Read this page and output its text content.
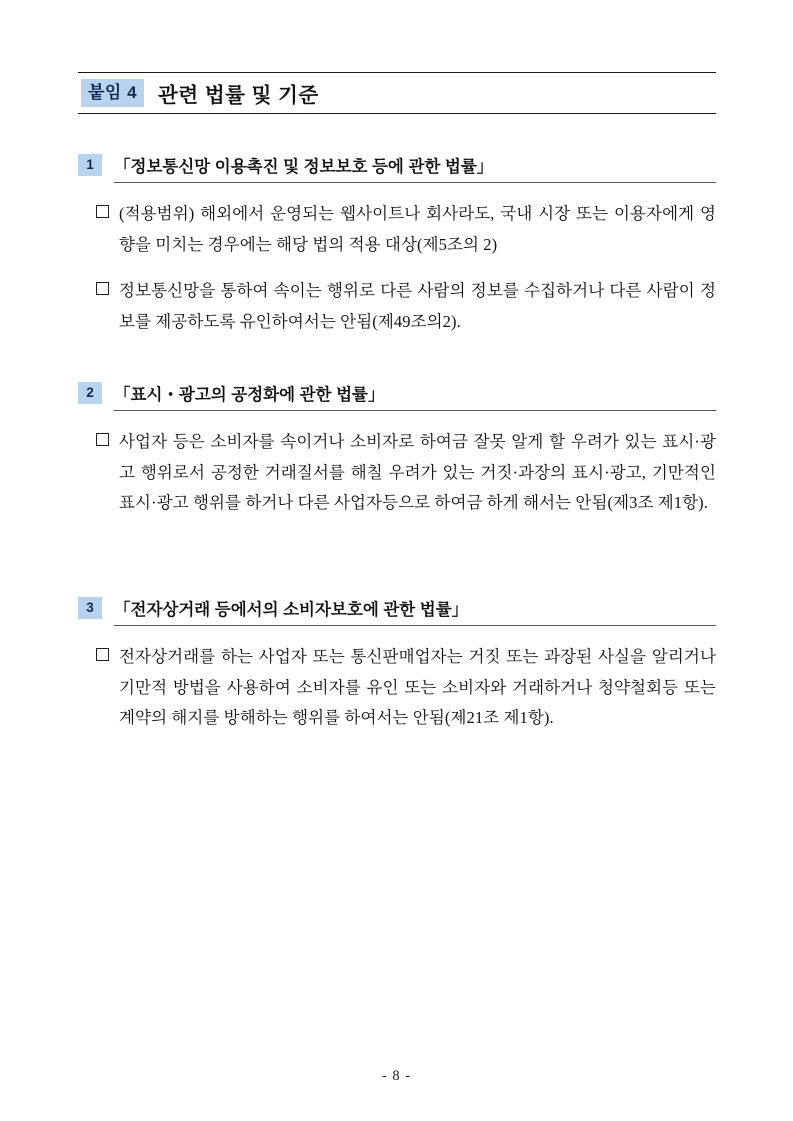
붙임 4	관련 법률 및 기준
1	「정보통신망 이용촉진 및 정보보호 등에 관한 법률」
(적용범위) 해외에서 운영되는 웹사이트나 회사라도, 국내 시장 또는 이용자에게 영향을 미치는 경우에는 해당 법의 적용 대상(제5조의 2)
정보통신망을 통하여 속이는 행위로 다른 사람의 정보를 수집하거나 다른 사람이 정보를 제공하도록 유인하여서는 안됨(제49조의2).
2	「표시・광고의 공정화에 관한 법률」
사업자 등은 소비자를 속이거나 소비자로 하여금 잘못 알게 할 우려가 있는 표시·광고 행위로서 공정한 거래질서를 해칠 우려가 있는 거짓·과장의 표시·광고, 기만적인 표시·광고 행위를 하거나 다른 사업자등으로 하여금 하게 해서는 안됨(제3조 제1항).
3	「전자상거래 등에서의 소비자보호에 관한 법률」
전자상거래를 하는 사업자 또는 통신판매업자는 거짓 또는 과장된 사실을 알리거나 기만적 방법을 사용하여 소비자를 유인 또는 소비자와 거래하거나 청약철회등 또는 계약의 해지를 방해하는 행위를 하여서는 안됨(제21조 제1항).
- 8 -
